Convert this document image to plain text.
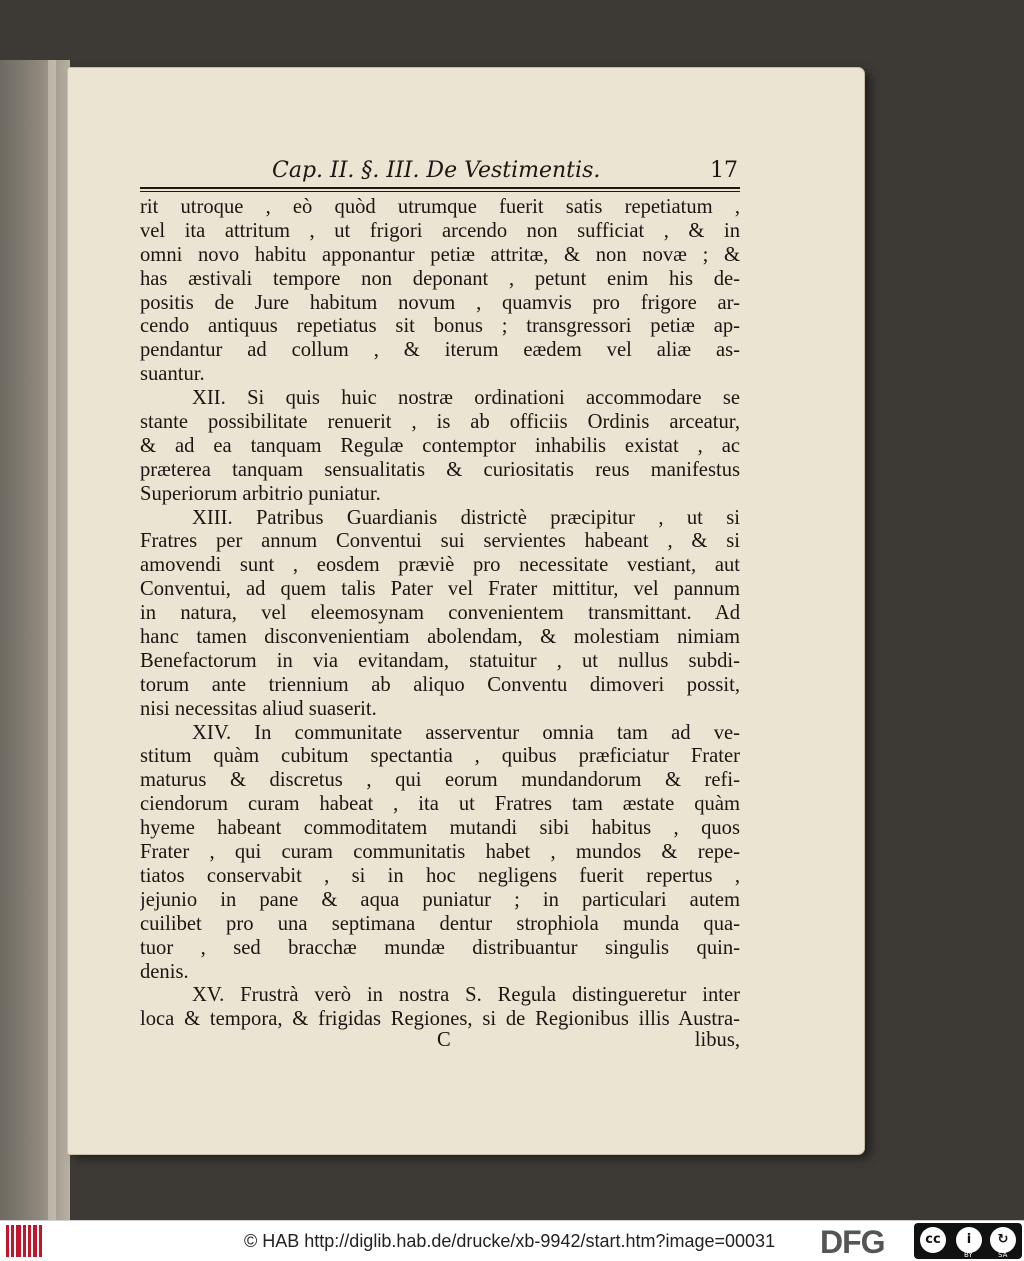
Cap. II. §. III. De Vestimentis.	17
rit utroque , eò quòd utrumque fuerit satis repetiatum ,
vel ita attritum , ut frigori arcendo non sufficiat , & in
omni novo habitu apponantur petiæ attritæ, & non novæ ; &
has æstivali tempore non deponant , petunt enim his de-
positis de Jure habitum novum , quamvis pro frigore ar-
cendo antiquus repetiatus sit bonus ; transgressori petiæ ap-
pendantur ad collum , & iterum eædem vel aliæ as-
suantur.
XII. Si quis huic nostræ ordinationi accommodare se
stante possibilitate renuerit , is ab officiis Ordinis arceatur,
& ad ea tanquam Regulæ contemptor inhabilis existat , ac
præterea tanquam sensualitatis & curiositatis reus manifestus
Superiorum arbitrio puniatur.
XIII. Patribus Guardianis districtè præcipitur , ut si
Fratres per annum Conventui sui servientes habeant , & si
amovendi sunt , eosdem præviè pro necessitate vestiant, aut
Conventui, ad quem talis Pater vel Frater mittitur, vel pannum
in natura, vel eleemosynam convenientem transmittant. Ad
hanc tamen disconvenientiam abolendam, & molestiam nimiam
Benefactorum in via evitandam, statuitur , ut nullus subdi-
torum ante triennium ab aliquo Conventu dimoveri possit,
nisi necessitas aliud suaserit.
XIV. In communitate asserventur omnia tam ad ve-
stitum quàm cubitum spectantia , quibus præficiatur Frater
maturus & discretus , qui eorum mundandorum & refi-
ciendorum curam habeat , ita ut Fratres tam æstate quàm
hyeme habeant commoditatem mutandi sibi habitus , quos
Frater , qui curam communitatis habet , mundos & repe-
tiatos conservabit , si in hoc negligens fuerit repertus ,
jejunio in pane & aqua puniatur ; in particulari autem
cuilibet pro una septimana dentur strophiola munda qua-
tuor , sed bracchæ mundæ distribuantur singulis quin-
denis.
XV. Frustrà verò in nostra S. Regula distingueretur inter
loca & tempora, & frigidas Regiones, si de Regionibus illis Austra-
C	libus,
© HAB http://diglib.hab.de/drucke/xb-9942/start.htm?image=00031 DFG	cc	i	↻
BY	SA
